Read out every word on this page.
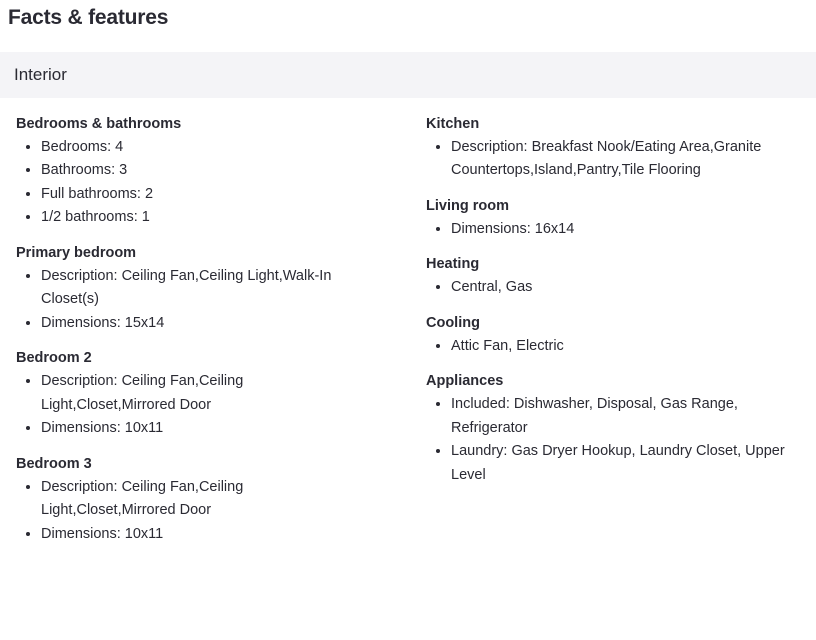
Facts & features
Interior
Bedrooms & bathrooms
• Bedrooms: 4
• Bathrooms: 3
• Full bathrooms: 2
• 1/2 bathrooms: 1
Primary bedroom
• Description: Ceiling Fan,Ceiling Light,Walk-In Closet(s)
• Dimensions: 15x14
Bedroom 2
• Description: Ceiling Fan,Ceiling Light,Closet,Mirrored Door
• Dimensions: 10x11
Bedroom 3
• Description: Ceiling Fan,Ceiling Light,Closet,Mirrored Door
• Dimensions: 10x11
Kitchen
• Description: Breakfast Nook/Eating Area,Granite Countertops,Island,Pantry,Tile Flooring
Living room
• Dimensions: 16x14
Heating
• Central, Gas
Cooling
• Attic Fan, Electric
Appliances
• Included: Dishwasher, Disposal, Gas Range, Refrigerator
• Laundry: Gas Dryer Hookup, Laundry Closet, Upper Level
